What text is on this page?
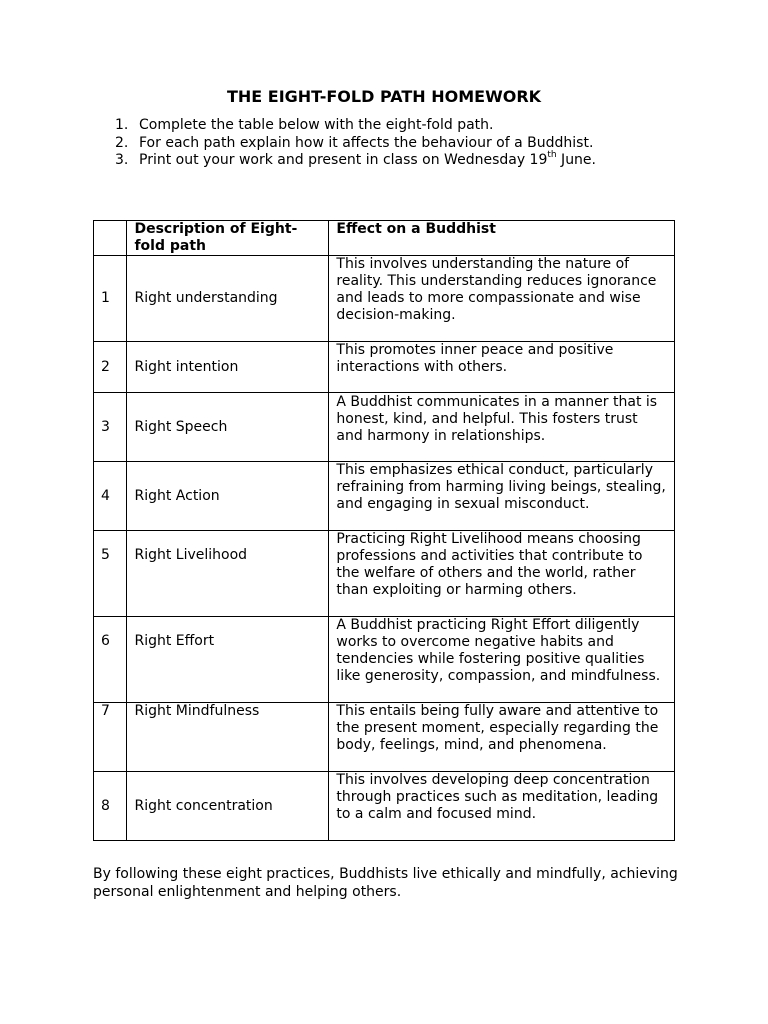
THE EIGHT-FOLD PATH HOMEWORK
1. Complete the table below with the eight-fold path.
2. For each path explain how it affects the behaviour of a Buddhist.
3. Print out your work and present in class on Wednesday 19th June.
	Description of Eight-fold path	Effect on a Buddhist
1	Right understanding	This involves understanding the nature of reality. This understanding reduces ignorance and leads to more compassionate and wise decision-making.
2	Right intention	This promotes inner peace and positive interactions with others.
3	Right Speech	A Buddhist communicates in a manner that is honest, kind, and helpful. This fosters trust and harmony in relationships.
4	Right Action	This emphasizes ethical conduct, particularly refraining from harming living beings, stealing, and engaging in sexual misconduct.
5	Right Livelihood	Practicing Right Livelihood means choosing professions and activities that contribute to the welfare of others and the world, rather than exploiting or harming others.
6	Right Effort	A Buddhist practicing Right Effort diligently works to overcome negative habits and tendencies while fostering positive qualities like generosity, compassion, and mindfulness.
7	Right Mindfulness	This entails being fully aware and attentive to the present moment, especially regarding the body, feelings, mind, and phenomena.
8	Right concentration	This involves developing deep concentration through practices such as meditation, leading to a calm and focused mind.

By following these eight practices, Buddhists live ethically and mindfully, achieving personal enlightenment and helping others.
